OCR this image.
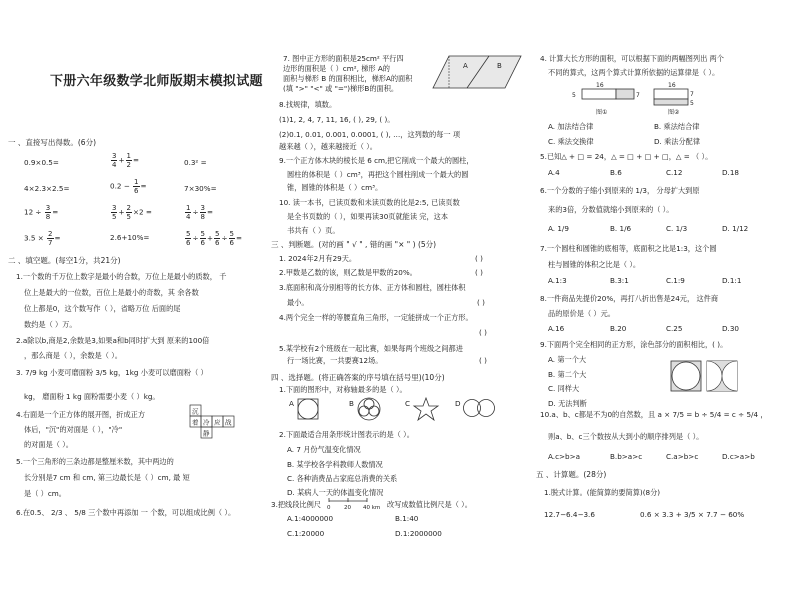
下册六年级数学北师版期末模拟试题
一 、直接写出得数。(6分)
0.9×0.5=	$\frac{3}{4} + \frac{1}{2}$ =	0.3² =
4×2.3×2.5=	$0.2 - \frac{1}{6}$ =	7×30%=
$12 \div \frac{3}{8}$ =	$\frac{3}{5} + \frac{2}{5} \times 2$ =	$\frac{1}{4} \div \frac{3}{8}$ =
$3.5 \times \frac{2}{7}$ =	2.6+10%=	$\frac{5}{6} \div \frac{5}{6} + \frac{5}{6} \div \frac{5}{6}$ =
二 、填空题。(每空1分，共21分)
1.一个数的千万位上数字是最小的合数，万位上是最小的质数， 千
位上是最大的一位数，百位上是最小的奇数，其 余各数
位上都是0，这个数写作（ ），省略万位 后面的尾
数约是（ ）万。
2.a除以b,商是2,余数是3,如果a和b同时扩大到 原来的100倍
，那么商是（ ），余数是（ ）。
3. 7/9 kg 小麦可磨面粉 3/5 kg，1kg 小麦可以磨面粉（ ）
kg， 磨面粉 1 kg 面粉需要小麦（ ）kg。
4.右面是一个正方体的展开图，折成正方
体后，"沉"的对面是（ ），"冷"
的对面是（ ）。
沉
着 冷 应 战
静
5.一个三角形的三条边都是整厘米数，其中两边的
长分别是7 cm 和 cm, 第三边最长是（ ）cm, 最 短
是（ ）cm。
6.在0.5、 2/3 、 5/8 三个数中再添加 一 个数，可以组成比例（ ）。
7. 图中正方形的面积是25cm² 平行四
边形的面积是（ ）cm², 梯形 A的
面积与梯形 B 的面积相比，梯形A的面积
(填 ">" "<" 或 "=")梯形B的面积。
A	B
8.找规律，填数。
(1)1, 2, 4, 7, 11, 16, ( ), 29, ( )。
(2)0.1, 0.01, 0.001, 0.0001, ( ), …，这列数的每一 项
越来越（ ），越来越接近（ ）。
9.一个正方体木块的棱长是 6 cm,把它削成一个最大的圆柱，
圆柱的体积是（ ）cm³，再把这个圆柱削成一个最大的圆
锥，圆锥的体积是（ ）cm³。
10. 读一本书，已读页数和未读页数的比是2:5, 已读页数
是全书页数的（ ），如果再读30页就能读 完，这本
书共有（ ）页。
三 、判断题。(对的画 " √ " , 错的画 "× " ) (5分)
1. 2024年2月有29天。	( )
2.甲数是乙数的该，则乙数是甲数的20%。	( )
3.底面积和高分别相等的长方体、正方体和圆柱，圆柱体积
最小。	( )
4.两个完全一样的等腰直角三角形，一定能拼成一个正方形。
( )
5.某学校有2个班级在一起比赛，如果每两个班级之间都进
行一场比赛，一共要赛12场。	( )
四 、选择题。(将正确答案的序号填在括号里)(10分)
1.下面的图形中，对称轴最多的是（ ）。
A	B	C	D
2.下面最适合用条形统计图表示的是（ ）。
A. 7 月份气温变化情况
B. 某学校各学科教师人数情况
C. 各种消费品占家庭总消费的关系
D. 某病人一天的体温变化情况
3.把线段比例尺 0 20 40 km 改写成数值比例尺是（ ）。
A.1:4000000	B.1:40
C.1:20000	D.1:2000000
4. 计算大长方形的面积，可以根据下面的两幅图列出 两个
不同的算式，这两个算式计算所依据的运算律是（ ）。
16
5	7
16
7
5
图①	图②
A. 加法结合律	B. 乘法结合律
C. 乘法交换律	D. 乘法分配律
5.已知△ + □ = 24，△ = □ + □ + □，△ = （ ）。
A.4	B.6	C.12	D.18
6.一个分数的子缩小到原来的 1/3， 分母扩大到原
来的3倍，分数值就缩小到原来的（ ）。
A. 1/9	B. 1/6	C. 1/3	D. 1/12
7.一个圆柱和圆锥的底相等，底面积之比是1:3，这个圆
柱与圆锥的体积之比是（ ）。
A.1:3	B.3:1	C.1:9	D.1:1
8.一件商品先提价20%，再打八折出售是24元， 这件商
品的原价是（ ）元。
A.16	B.20	C.25	D.30
9.下面两个完全相同的正方形，涂色部分的面积相比，( )。
A. 第一个大
B. 第二个大
C. 同样大
D. 无法判断
10.a、b、c都是不为0的自然数，且 a × 7/5 = b ÷ 5/4 = c ÷ 5/4 ，
则a、b、c三个数按从大到小的顺序排列是（ ）。
A.c>b>a	B.b>a>c	C.a>b>c	D.c>a>b
五 、计算题。(28分)
1.脱式计算。(能简算的要简算)(8分)
12.7−6.4−3.6	0.6 × 3.3 + 3/5 × 7.7 − 60%
